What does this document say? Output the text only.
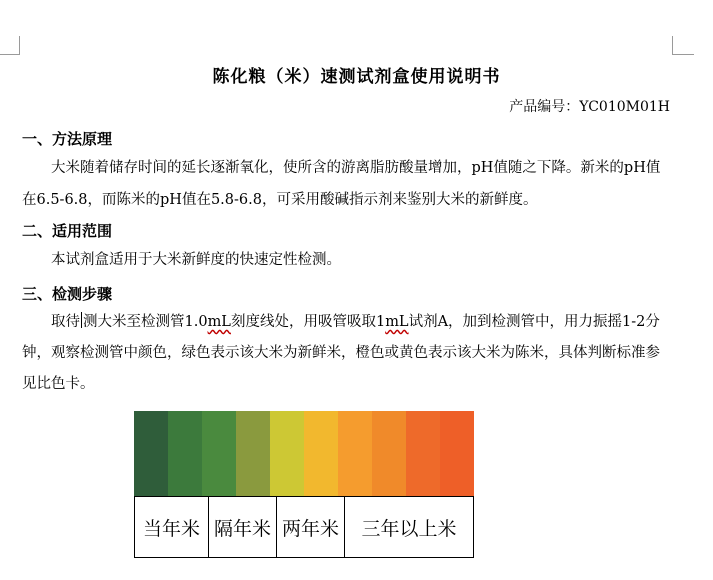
陈化粮（米）速测试剂盒使用说明书
产品编号：YC010M01H
一、方法原理
大米随着储存时间的延长逐渐氧化，使所含的游离脂肪酸量增加，pH值随之下降。新米的pH值在6.5-6.8，而陈米的pH值在5.8-6.8，可采用酸碱指示剂来鉴别大米的新鲜度。
二、适用范围
本试剂盒适用于大米新鲜度的快速定性检测。
三、检测步骤
取待 测大米至检测管1.0mL刻度线处，用吸管吸取1mL试剂A，加到检测管中，用力振摇1-2分钟，观察检测管中颜色，绿色表示该大米为新鲜米，橙色或黄色表示该大米为陈米，具体判断标准参见比色卡。
当年米 隔年米 两年米	三年以上米
